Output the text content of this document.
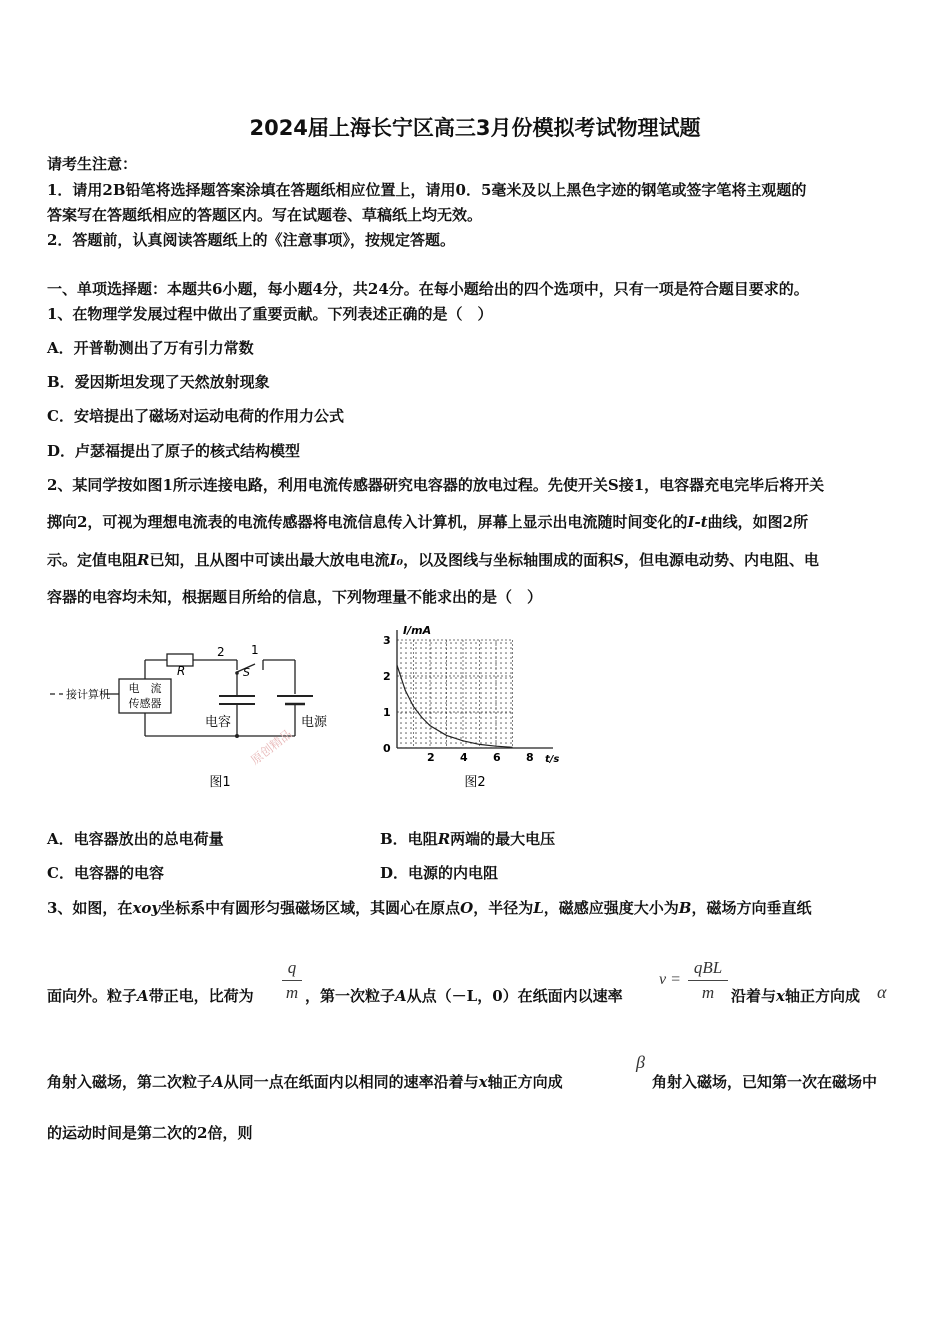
2024届上海长宁区高三3月份模拟考试物理试题
请考生注意：
1．请用2B铅笔将选择题答案涂填在答题纸相应位置上，请用0．5毫米及以上黑色字迹的钢笔或签字笔将主观题的
答案写在答题纸相应的答题区内。写在试题卷、草稿纸上均无效。
2．答题前，认真阅读答题纸上的《注意事项》，按规定答题。
一、单项选择题：本题共6小题，每小题4分，共24分。在每小题给出的四个选项中，只有一项是符合题目要求的。
1、在物理学发展过程中做出了重要贡献。下列表述正确的是（　）
A．开普勒测出了万有引力常数
B．爱因斯坦发现了天然放射现象
C．安培提出了磁场对运动电荷的作用力公式
D．卢瑟福提出了原子的核式结构模型
2、某同学按如图1所示连接电路，利用电流传感器研究电容器的放电过程。先使开关S接1，电容器充电完毕后将开关
掷向2，可视为理想电流表的电流传感器将电流信息传入计算机，屏幕上显示出电流随时间变化的I-t曲线，如图2所
示。定值电阻R已知，且从图中可读出最大放电电流I₀，以及图线与坐标轴围成的面积S，但电源电动势、内电阻、电
容器的电容均未知，根据题目所给的信息，下列物理量不能求出的是（　）
接计算机 电　流
传感器
R
2 1
S
电容	电源
原创精品
图1
I/mA
t/s
0
1
2
3
2 4 6 8
图2
A．电容器放出的总电荷量	B．电阻R两端的最大电压
C．电容器的电容	D．电源的内电阻
3、如图，在xoy坐标系中有圆形匀强磁场区域，其圆心在原点O，半径为L，磁感应强度大小为B，磁场方向垂直纸
面向外。粒子A带正电，比荷为
q
m ，第一次粒子A从点（－L，0）在纸面内以速率
v =
qBL
m	沿着与x轴正方向成 α
角射入磁场，第二次粒子A从同一点在纸面内以相同的速率沿着与x轴正方向成
β
角射入磁场，已知第一次在磁场中
的运动时间是第二次的2倍，则
